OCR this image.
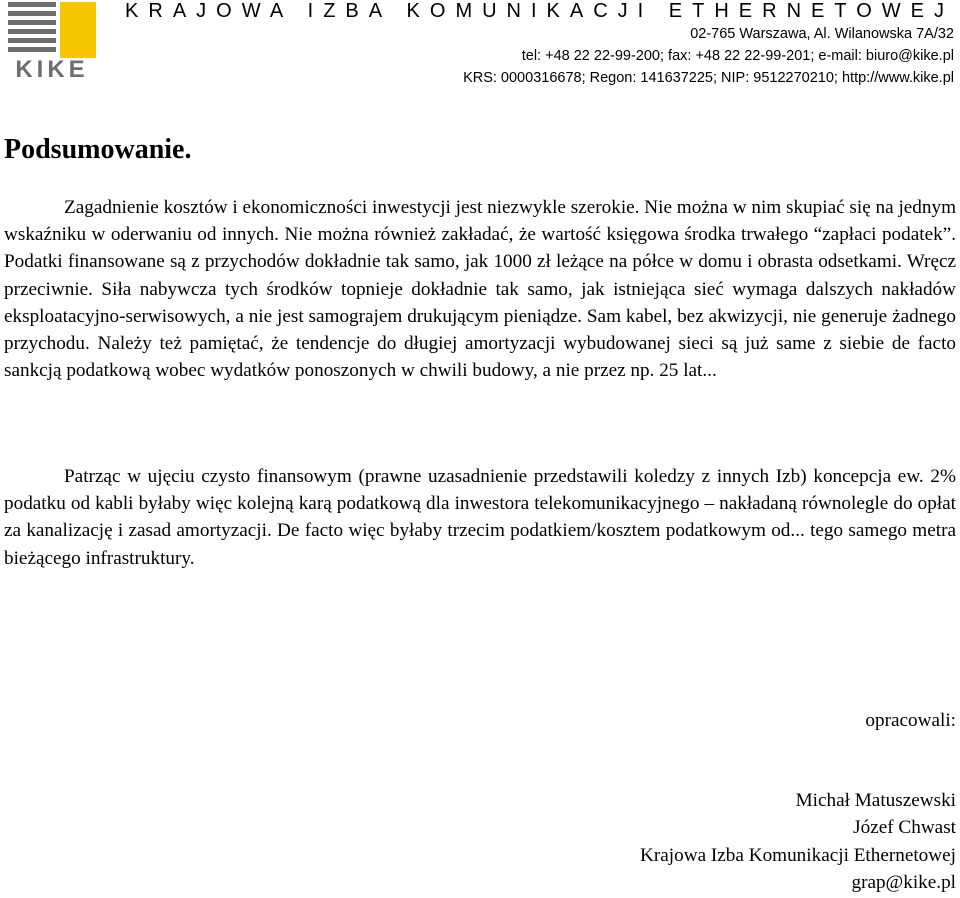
KIKE
KRAJOWA IZBA KOMUNIKACJI ETHERNETOWEJ
02-765 Warszawa, Al. Wilanowska 7A/32
tel: +48 22 22-99-200; fax: +48 22 22-99-201; e-mail: biuro@kike.pl
KRS: 0000316678; Regon: 141637225; NIP: 9512270210; http://www.kike.pl
Podsumowanie.

Zagadnienie kosztów i ekonomiczności inwestycji jest niezwykle szerokie. Nie można w nim skupiać się na jednym wskaźniku w oderwaniu od innych. Nie można również zakładać, że wartość księgowa środka trwałego “zapłaci podatek”. Podatki finansowane są z przychodów dokładnie tak samo, jak 1000 zł leżące na półce w domu i obrasta odsetkami. Wręcz przeciwnie. Siła nabywcza tych środków topnieje dokładnie tak samo, jak istniejąca sieć wymaga dalszych nakładów eksploatacyjno-serwisowych, a nie jest samograjem drukującym pieniądze. Sam kabel, bez akwizycji, nie generuje żadnego przychodu. Należy też pamiętać, że tendencje do długiej amortyzacji wybudowanej sieci są już same z siebie de facto sankcją podatkową wobec wydatków ponoszonych w chwili budowy, a nie przez np. 25 lat...

Patrząc w ujęciu czysto finansowym (prawne uzasadnienie przedstawili koledzy z innych Izb) koncepcja ew. 2% podatku od kabli byłaby więc kolejną karą podatkową dla inwestora telekomunikacyjnego – nakładaną równolegle do opłat za kanalizację i zasad amortyzacji. De facto więc byłaby trzecim podatkiem/kosztem podatkowym od... tego samego metra bieżącego infrastruktury.

opracowali:
Michał Matuszewski
Józef Chwast
Krajowa Izba Komunikacji Ethernetowej
grap@kike.pl
